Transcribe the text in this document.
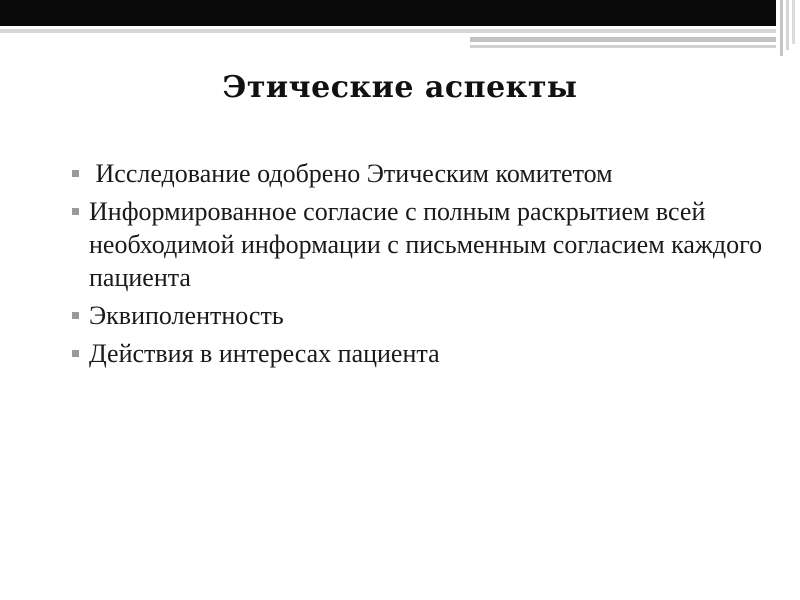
Этические аспекты
Исследование одобрено Этическим комитетом
Информированное согласие с полным раскрытием всей необходимой информации с письменным согласием каждого пациента
Эквиполентность
Действия в интересах пациента
